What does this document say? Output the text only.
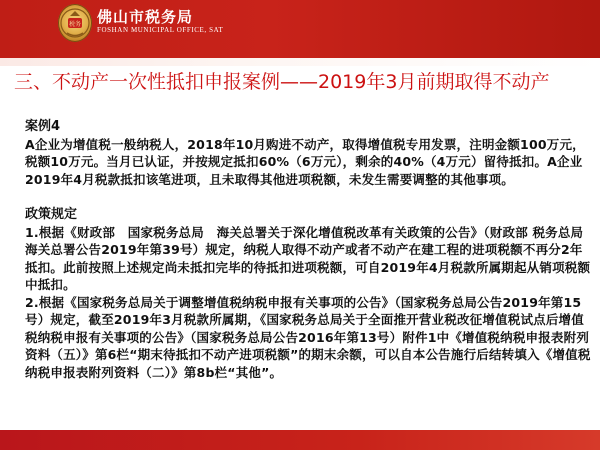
税务 佛山市税务局
FOSHAN MUNICIPAL OFFICE, SAT
三、不动产一次性抵扣申报案例——2019年3月前期取得不动产

案例4

A企业为增值税一般纳税人，2018年10月购进不动产，取得增值税专用发票，注明金额100万元，税额10万元。当月已认证，并按规定抵扣60%（6万元），剩余的40%（4万元）留待抵扣。A企业2019年4月税款抵扣该笔进项，且未取得其他进项税额，未发生需要调整的其他事项。

政策规定

1.根据《财政部　国家税务总局　海关总署关于深化增值税改革有关政策的公告》（财政部 税务总局 海关总署公告2019年第39号）规定，纳税人取得不动产或者不动产在建工程的进项税额不再分2年抵扣。此前按照上述规定尚未抵扣完毕的待抵扣进项税额，可自2019年4月税款所属期起从销项税额中抵扣。

2.根据《国家税务总局关于调整增值税纳税申报有关事项的公告》（国家税务总局公告2019年第15号）规定，截至2019年3月税款所属期，《国家税务总局关于全面推开营业税改征增值税试点后增值税纳税申报有关事项的公告》（国家税务总局公告2016年第13号）附件1中《增值税纳税申报表附列资料（五）》第6栏“期末待抵扣不动产进项税额”的期末余额，可以自本公告施行后结转填入《增值税纳税申报表附列资料（二）》第8b栏“其他”。
